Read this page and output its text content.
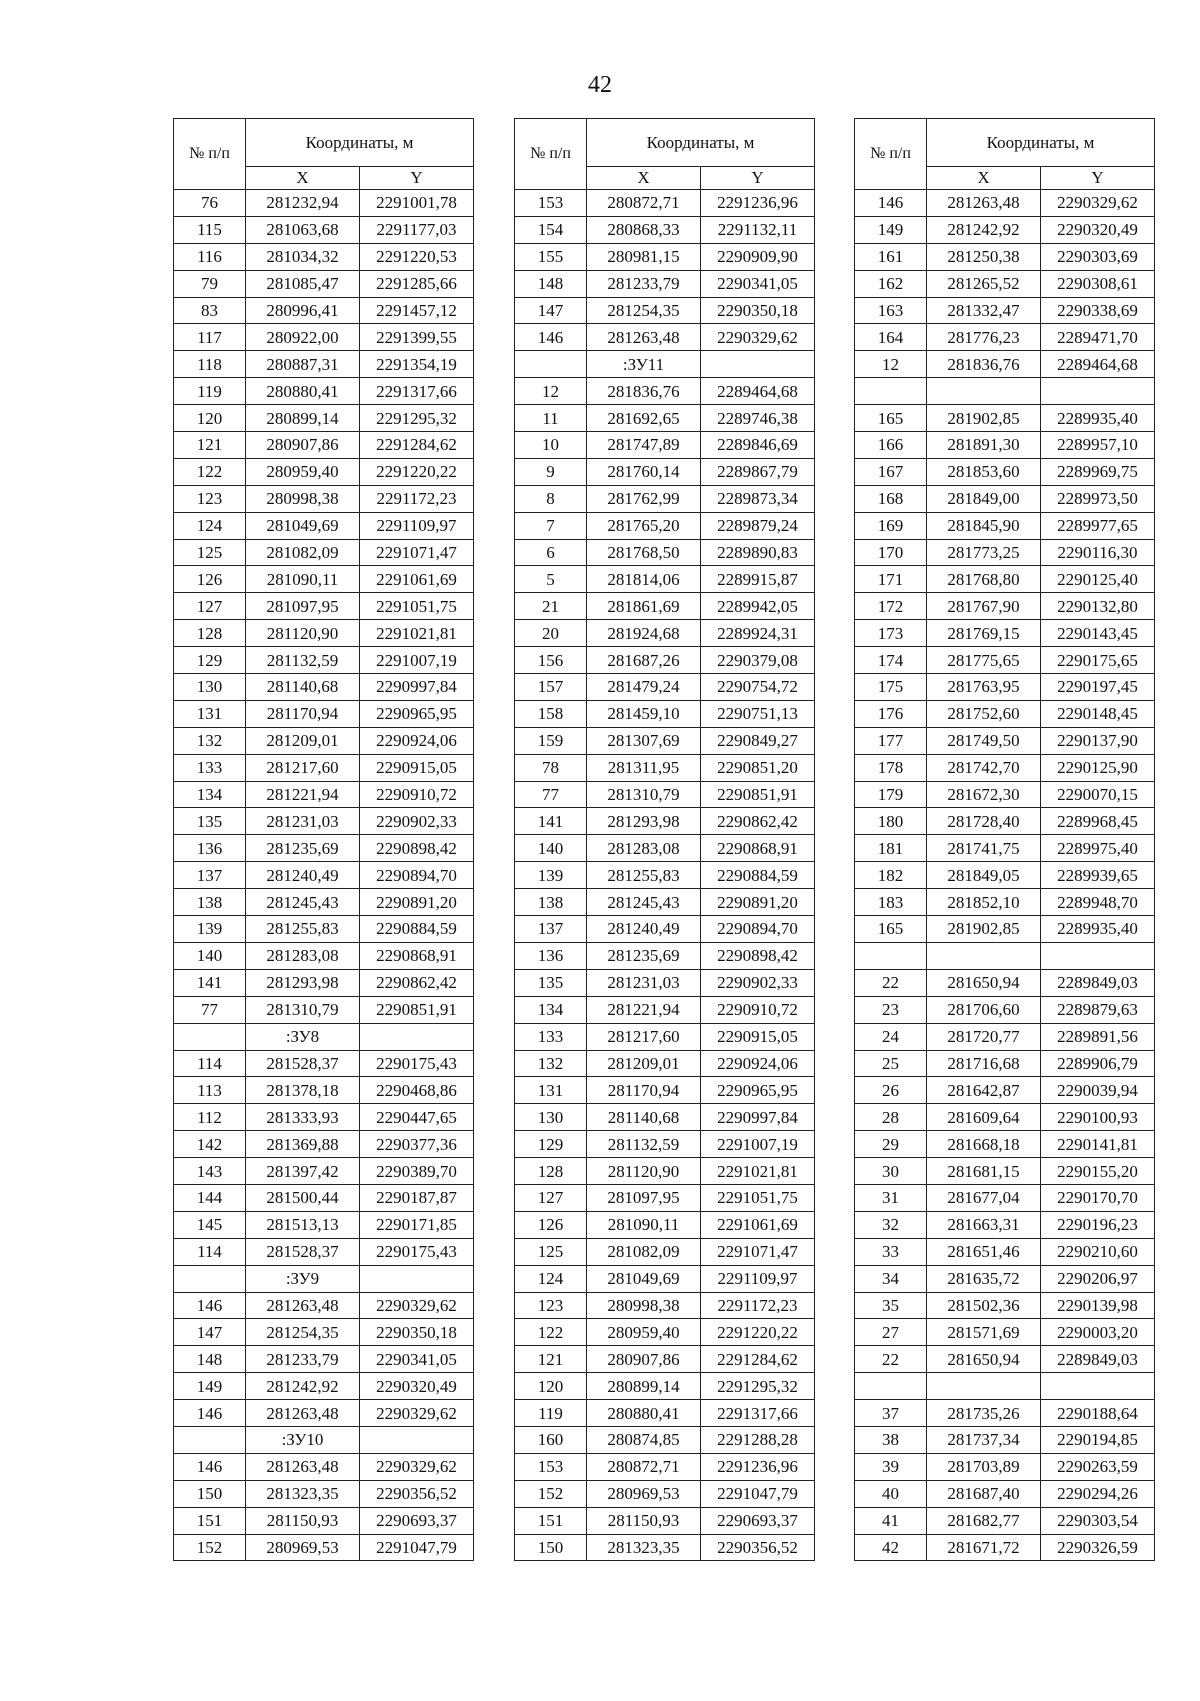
42
№ п/п	Координаты, м	
	X	Y
76	281232,94	2291001,78
115	281063,68	2291177,03
116	281034,32	2291220,53
79	281085,47	2291285,66
83	280996,41	2291457,12
117	280922,00	2291399,55
118	280887,31	2291354,19
119	280880,41	2291317,66
120	280899,14	2291295,32
121	280907,86	2291284,62
122	280959,40	2291220,22
123	280998,38	2291172,23
124	281049,69	2291109,97
125	281082,09	2291071,47
126	281090,11	2291061,69
127	281097,95	2291051,75
128	281120,90	2291021,81
129	281132,59	2291007,19
130	281140,68	2290997,84
131	281170,94	2290965,95
132	281209,01	2290924,06
133	281217,60	2290915,05
134	281221,94	2290910,72
135	281231,03	2290902,33
136	281235,69	2290898,42
137	281240,49	2290894,70
138	281245,43	2290891,20
139	281255,83	2290884,59
140	281283,08	2290868,91
141	281293,98	2290862,42
77	281310,79	2290851,91
	:ЗУ8	
114	281528,37	2290175,43
113	281378,18	2290468,86
112	281333,93	2290447,65
142	281369,88	2290377,36
143	281397,42	2290389,70
144	281500,44	2290187,87
145	281513,13	2290171,85
114	281528,37	2290175,43
	:ЗУ9	
146	281263,48	2290329,62
147	281254,35	2290350,18
148	281233,79	2290341,05
149	281242,92	2290320,49
146	281263,48	2290329,62
	:ЗУ10	
146	281263,48	2290329,62
150	281323,35	2290356,52
151	281150,93	2290693,37
152	280969,53	2291047,79
№ п/п	Координаты, м	
	X	Y
153	280872,71	2291236,96
154	280868,33	2291132,11
155	280981,15	2290909,90
148	281233,79	2290341,05
147	281254,35	2290350,18
146	281263,48	2290329,62
	:ЗУ11	
12	281836,76	2289464,68
11	281692,65	2289746,38
10	281747,89	2289846,69
9	281760,14	2289867,79
8	281762,99	2289873,34
7	281765,20	2289879,24
6	281768,50	2289890,83
5	281814,06	2289915,87
21	281861,69	2289942,05
20	281924,68	2289924,31
156	281687,26	2290379,08
157	281479,24	2290754,72
158	281459,10	2290751,13
159	281307,69	2290849,27
78	281311,95	2290851,20
77	281310,79	2290851,91
141	281293,98	2290862,42
140	281283,08	2290868,91
139	281255,83	2290884,59
138	281245,43	2290891,20
137	281240,49	2290894,70
136	281235,69	2290898,42
135	281231,03	2290902,33
134	281221,94	2290910,72
133	281217,60	2290915,05
132	281209,01	2290924,06
131	281170,94	2290965,95
130	281140,68	2290997,84
129	281132,59	2291007,19
128	281120,90	2291021,81
127	281097,95	2291051,75
126	281090,11	2291061,69
125	281082,09	2291071,47
124	281049,69	2291109,97
123	280998,38	2291172,23
122	280959,40	2291220,22
121	280907,86	2291284,62
120	280899,14	2291295,32
119	280880,41	2291317,66
160	280874,85	2291288,28
153	280872,71	2291236,96
152	280969,53	2291047,79
151	281150,93	2290693,37
150	281323,35	2290356,52
№ п/п	Координаты, м	
	X	Y
146	281263,48	2290329,62
149	281242,92	2290320,49
161	281250,38	2290303,69
162	281265,52	2290308,61
163	281332,47	2290338,69
164	281776,23	2289471,70
12	281836,76	2289464,68

165	281902,85	2289935,40
166	281891,30	2289957,10
167	281853,60	2289969,75
168	281849,00	2289973,50
169	281845,90	2289977,65
170	281773,25	2290116,30
171	281768,80	2290125,40
172	281767,90	2290132,80
173	281769,15	2290143,45
174	281775,65	2290175,65
175	281763,95	2290197,45
176	281752,60	2290148,45
177	281749,50	2290137,90
178	281742,70	2290125,90
179	281672,30	2290070,15
180	281728,40	2289968,45
181	281741,75	2289975,40
182	281849,05	2289939,65
183	281852,10	2289948,70
165	281902,85	2289935,40

22	281650,94	2289849,03
23	281706,60	2289879,63
24	281720,77	2289891,56
25	281716,68	2289906,79
26	281642,87	2290039,94
28	281609,64	2290100,93
29	281668,18	2290141,81
30	281681,15	2290155,20
31	281677,04	2290170,70
32	281663,31	2290196,23
33	281651,46	2290210,60
34	281635,72	2290206,97
35	281502,36	2290139,98
27	281571,69	2290003,20
22	281650,94	2289849,03

37	281735,26	2290188,64
38	281737,34	2290194,85
39	281703,89	2290263,59
40	281687,40	2290294,26
41	281682,77	2290303,54
42	281671,72	2290326,59
